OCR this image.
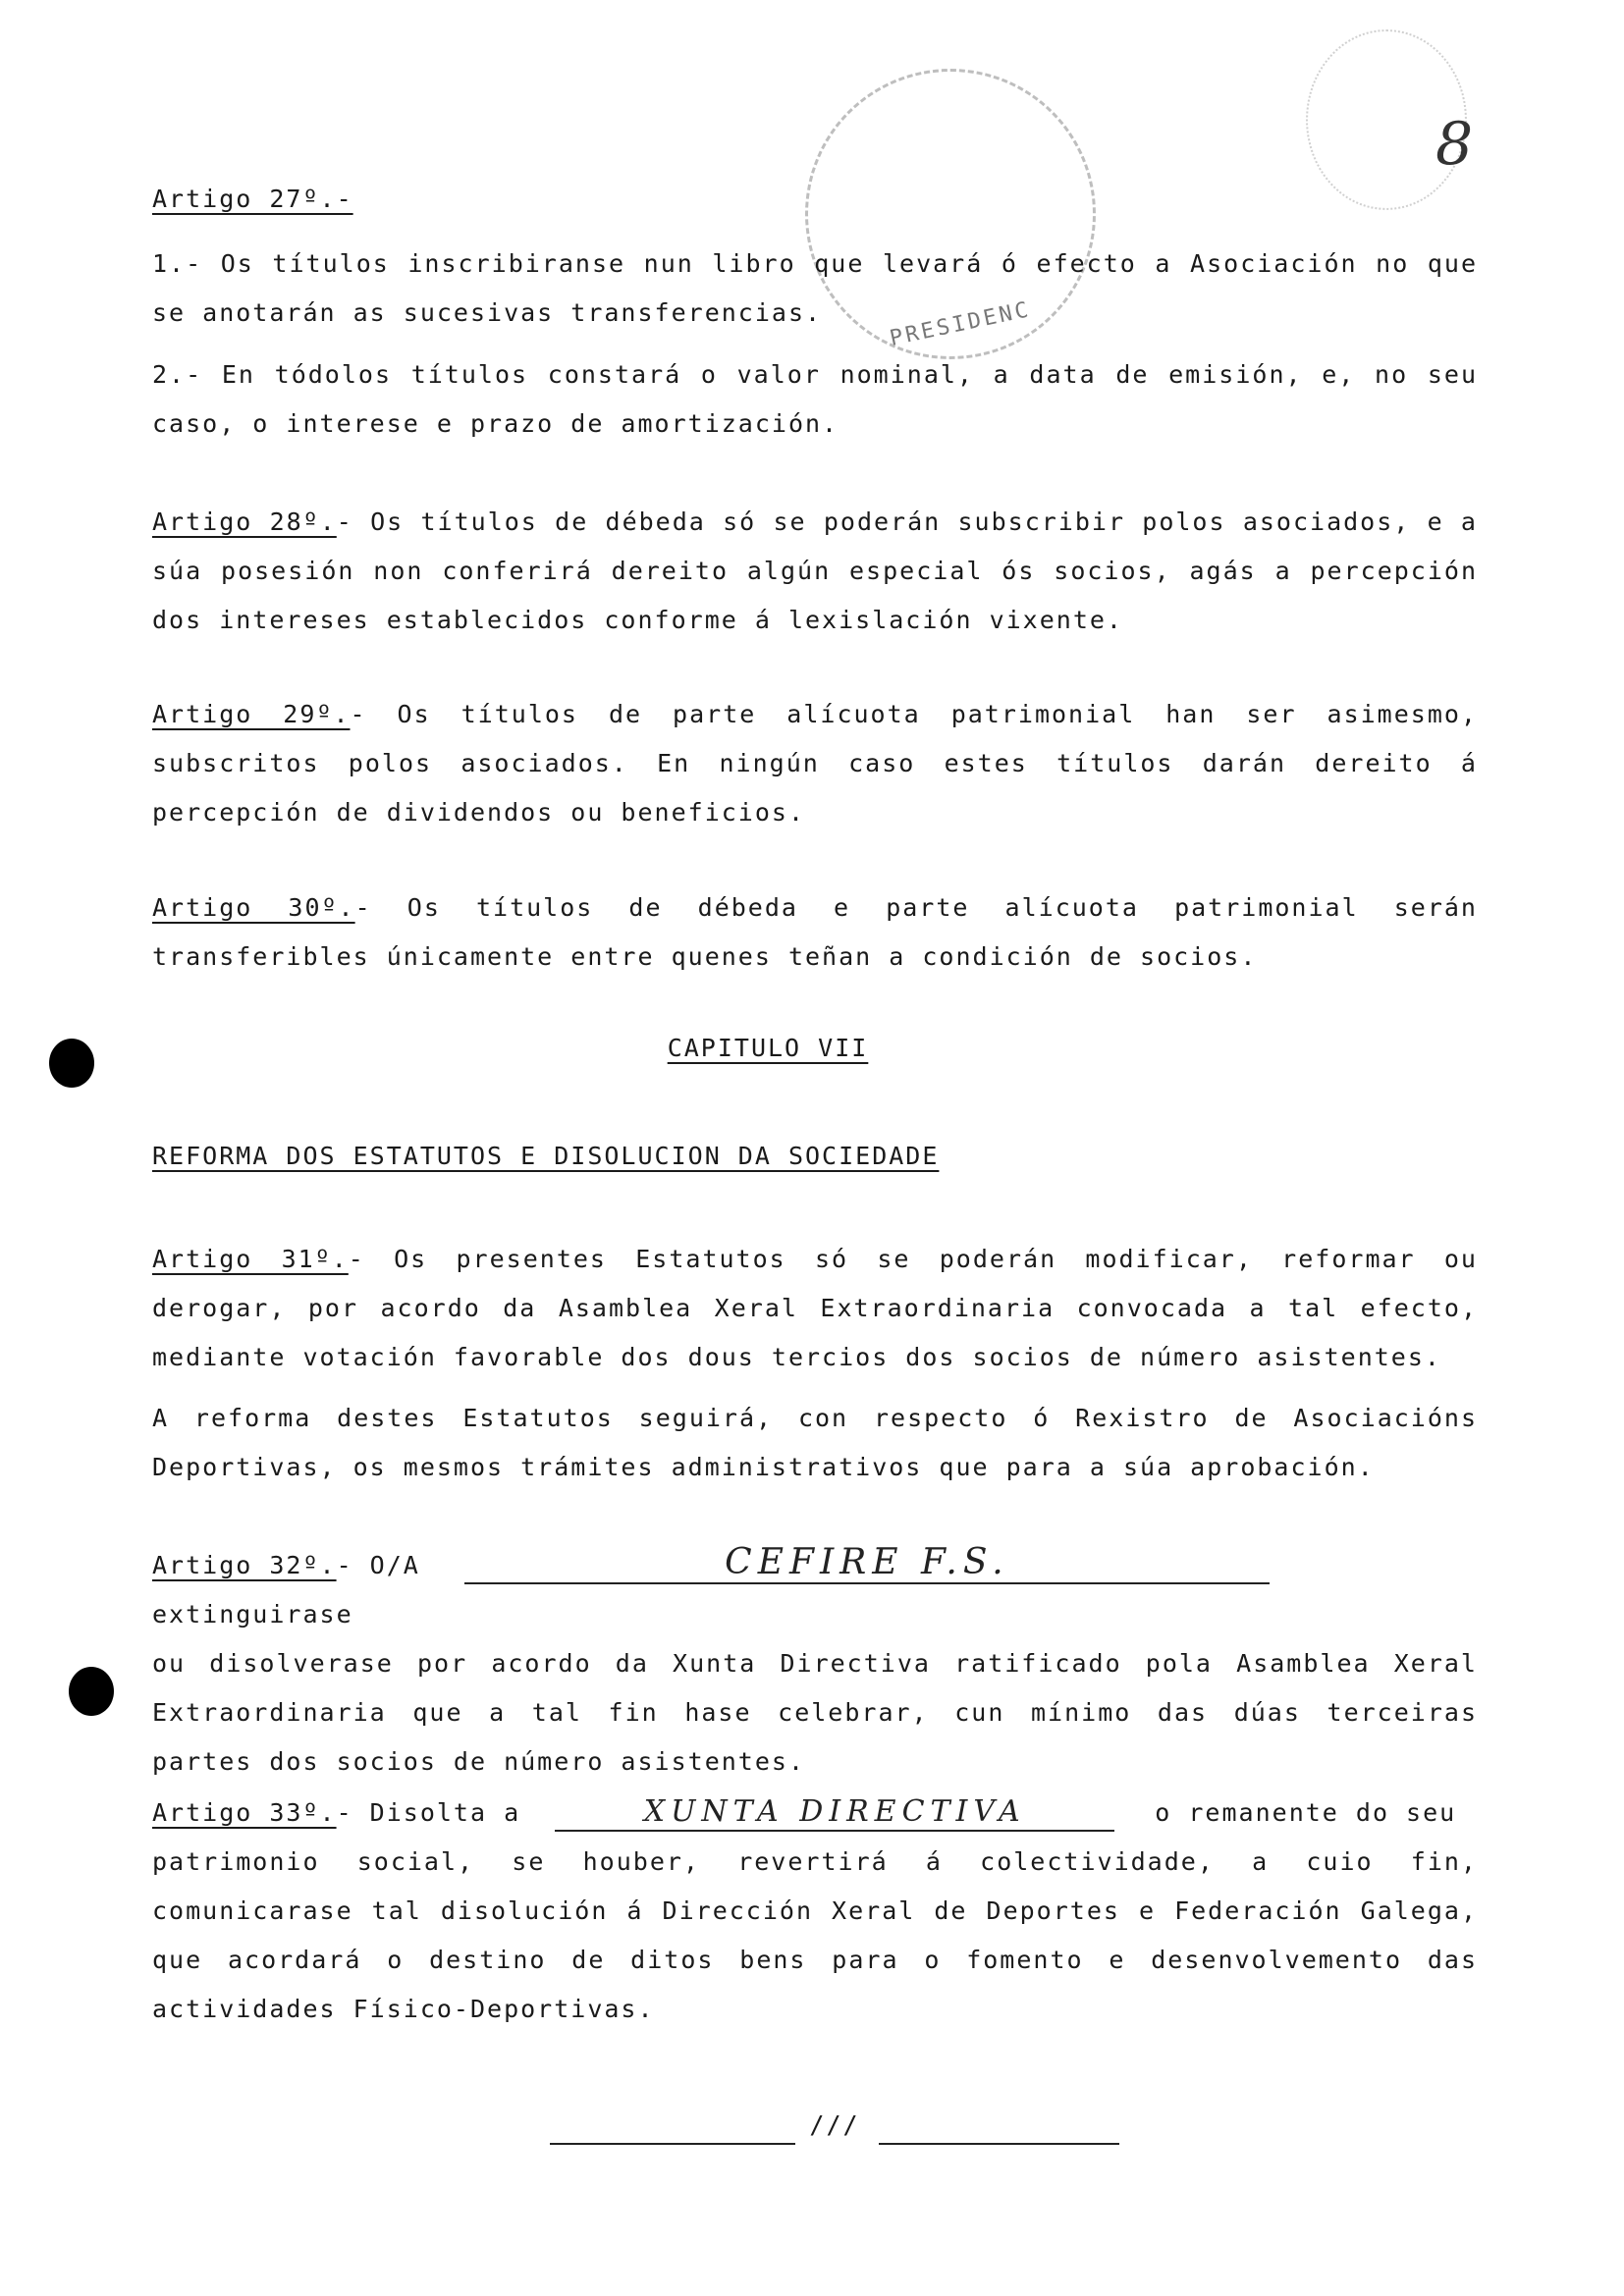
PRESIDENC
8

Artigo 27º.-

1.- Os títulos inscribiranse nun libro que levará ó efecto a Asociación no que se anotarán as sucesivas transferencias.

2.- En tódolos títulos constará o valor nominal, a data de emisión, e, no seu caso, o interese e prazo de amortización.

Artigo 28º.- Os títulos de débeda só se poderán subscribir polos asociados, e a súa posesión non conferirá dereito algún especial ós socios, agás a percepción dos intereses establecidos conforme á lexislación vixente.

Artigo 29º.- Os títulos de parte alícuota patrimonial han ser asimesmo, subscritos polos asociados. En ningún caso estes títulos darán dereito á percepción de dividendos ou beneficios.

Artigo 30º.- Os títulos de débeda e parte alícuota patrimonial serán transferibles únicamente entre quenes teñan a condición de socios.

CAPITULO VII

REFORMA DOS ESTATUTOS E DISOLUCION DA SOCIEDADE

Artigo 31º.- Os presentes Estatutos só se poderán modificar, reformar ou derogar, por acordo da Asamblea Xeral Extraordinaria convocada a tal efecto, mediante votación favorable dos dous tercios dos socios de número asistentes.

A reforma destes Estatutos seguirá, con respecto ó Rexistro de Asociacións Deportivas, os mesmos trámites administrativos que para a súa aprobación.

Artigo 32º.- O/A	CEFIRE F.S. extinguirase

ou disolverase por acordo da Xunta Directiva ratificado pola Asamblea Xeral Extraordinaria que a tal fin hase celebrar, cun mínimo das dúas terceiras partes dos socios de número asistentes.

Artigo 33º.- Disolta a	XUNTA DIRECTIVA	o remanente do seu

patrimonio social, se houber, revertirá á colectividade, a cuio fin, comunicarase tal disolución á Dirección Xeral de Deportes e Federación Galega, que acordará o destino de ditos bens para o fomento e desenvolvemento das actividades Físico-Deportivas.

///
